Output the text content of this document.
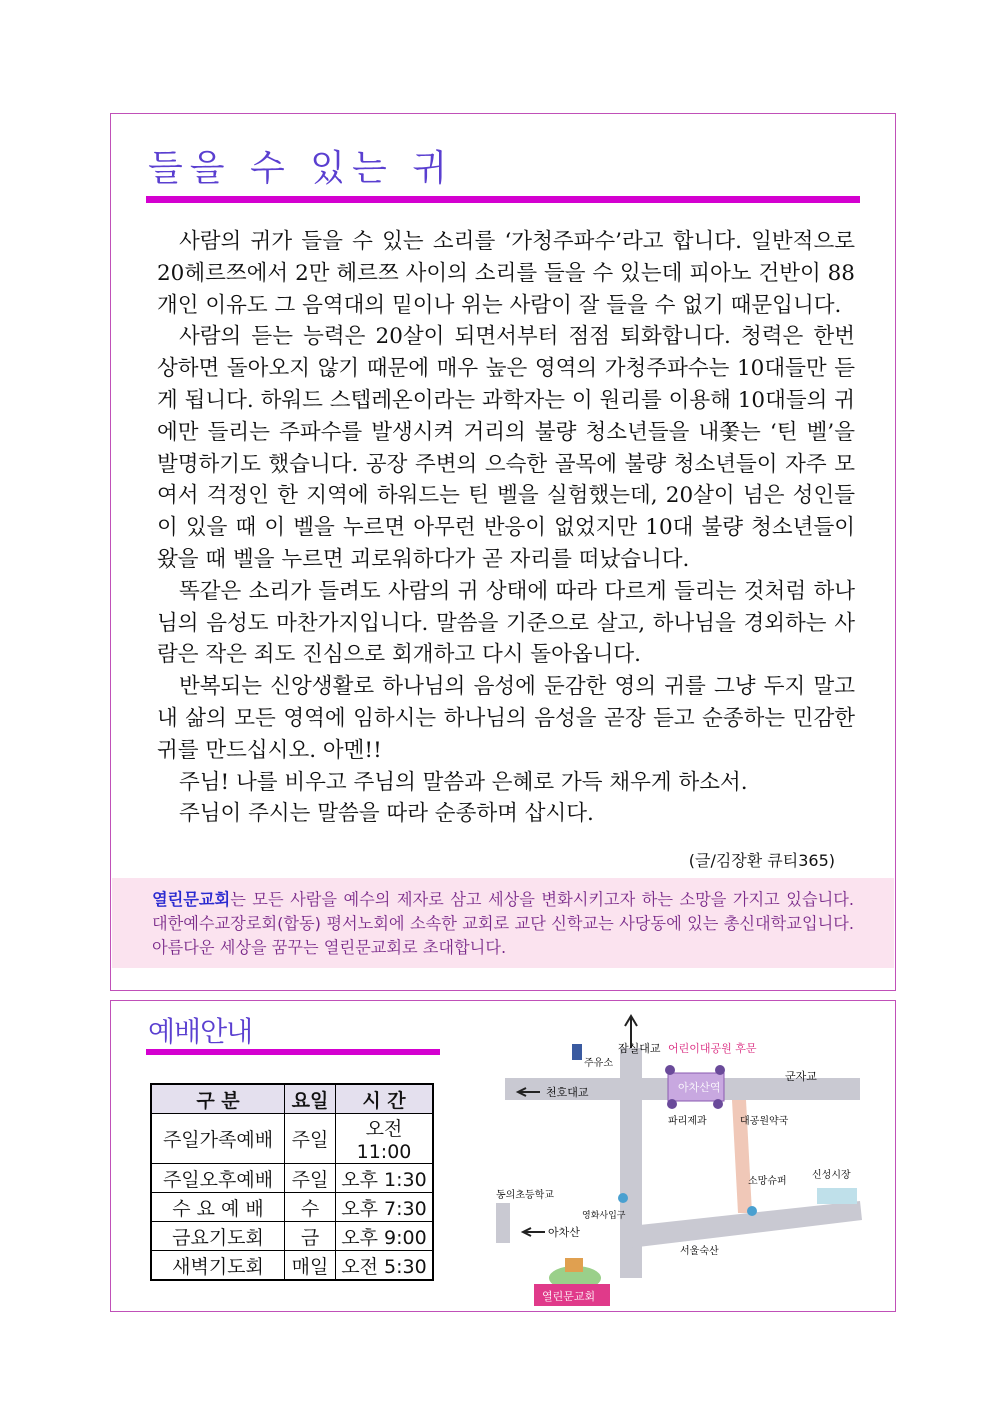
들을 수 있는 귀

사람의 귀가 들을 수 있는 소리를 ‘가청주파수’라고 합니다. 일반적으로 20헤르쯔에서 2만 헤르쯔 사이의 소리를 들을 수 있는데 피아노 건반이 88개인 이유도 그 음역대의 밑이나 위는 사람이 잘 들을 수 없기 때문입니다.

사람의 듣는 능력은 20살이 되면서부터 점점 퇴화합니다. 청력은 한번 상하면 돌아오지 않기 때문에 매우 높은 영역의 가청주파수는 10대들만 듣게 됩니다. 하워드 스텝레온이라는 과학자는 이 원리를 이용해 10대들의 귀에만 들리는 주파수를 발생시켜 거리의 불량 청소년들을 내쫓는 ‘틴 벨’을 발명하기도 했습니다. 공장 주변의 으슥한 골목에 불량 청소년들이 자주 모여서 걱정인 한 지역에 하워드는 틴 벨을 실험했는데, 20살이 넘은 성인들이 있을 때 이 벨을 누르면 아무런 반응이 없었지만 10대 불량 청소년들이 왔을 때 벨을 누르면 괴로워하다가 곧 자리를 떠났습니다.

똑같은 소리가 들려도 사람의 귀 상태에 따라 다르게 들리는 것처럼 하나님의 음성도 마찬가지입니다. 말씀을 기준으로 살고, 하나님을 경외하는 사람은 작은 죄도 진심으로 회개하고 다시 돌아옵니다.

반복되는 신앙생활로 하나님의 음성에 둔감한 영의 귀를 그냥 두지 말고 내 삶의 모든 영역에 임하시는 하나님의 음성을 곧장 듣고 순종하는 민감한 귀를 만드십시오. 아멘!!

주님! 나를 비우고 주님의 말씀과 은혜로 가득 채우게 하소서.

주님이 주시는 말씀을 따라 순종하며 삽시다.

(글/김장환 큐티365)
열린문교회는 모든 사람을 예수의 제자로 삼고 세상을 변화시키고자 하는 소망을 가지고 있습니다. 대한예수교장로회(합동) 평서노회에 소속한 교회로 교단 신학교는 사당동에 있는 총신대학교입니다. 아름다운 세상을 꿈꾸는 열린문교회로 초대합니다.
예배안내
구 분	요일	시 간
주일가족예배	주일	오전11:00
주일오후예배	주일	오후 1:30
수 요 예 배	수	오후 7:30
금요기도회	금	오후 9:00
새벽기도회	매일	오전 5:30
잠실대교 어린이대공원 후문
주유소
아차산역
군자교
천호대교
파리제과	대공원약국
소망슈퍼
신성시장
동의초등학교
영화사입구
아차산
서울숙산
열린문교회
